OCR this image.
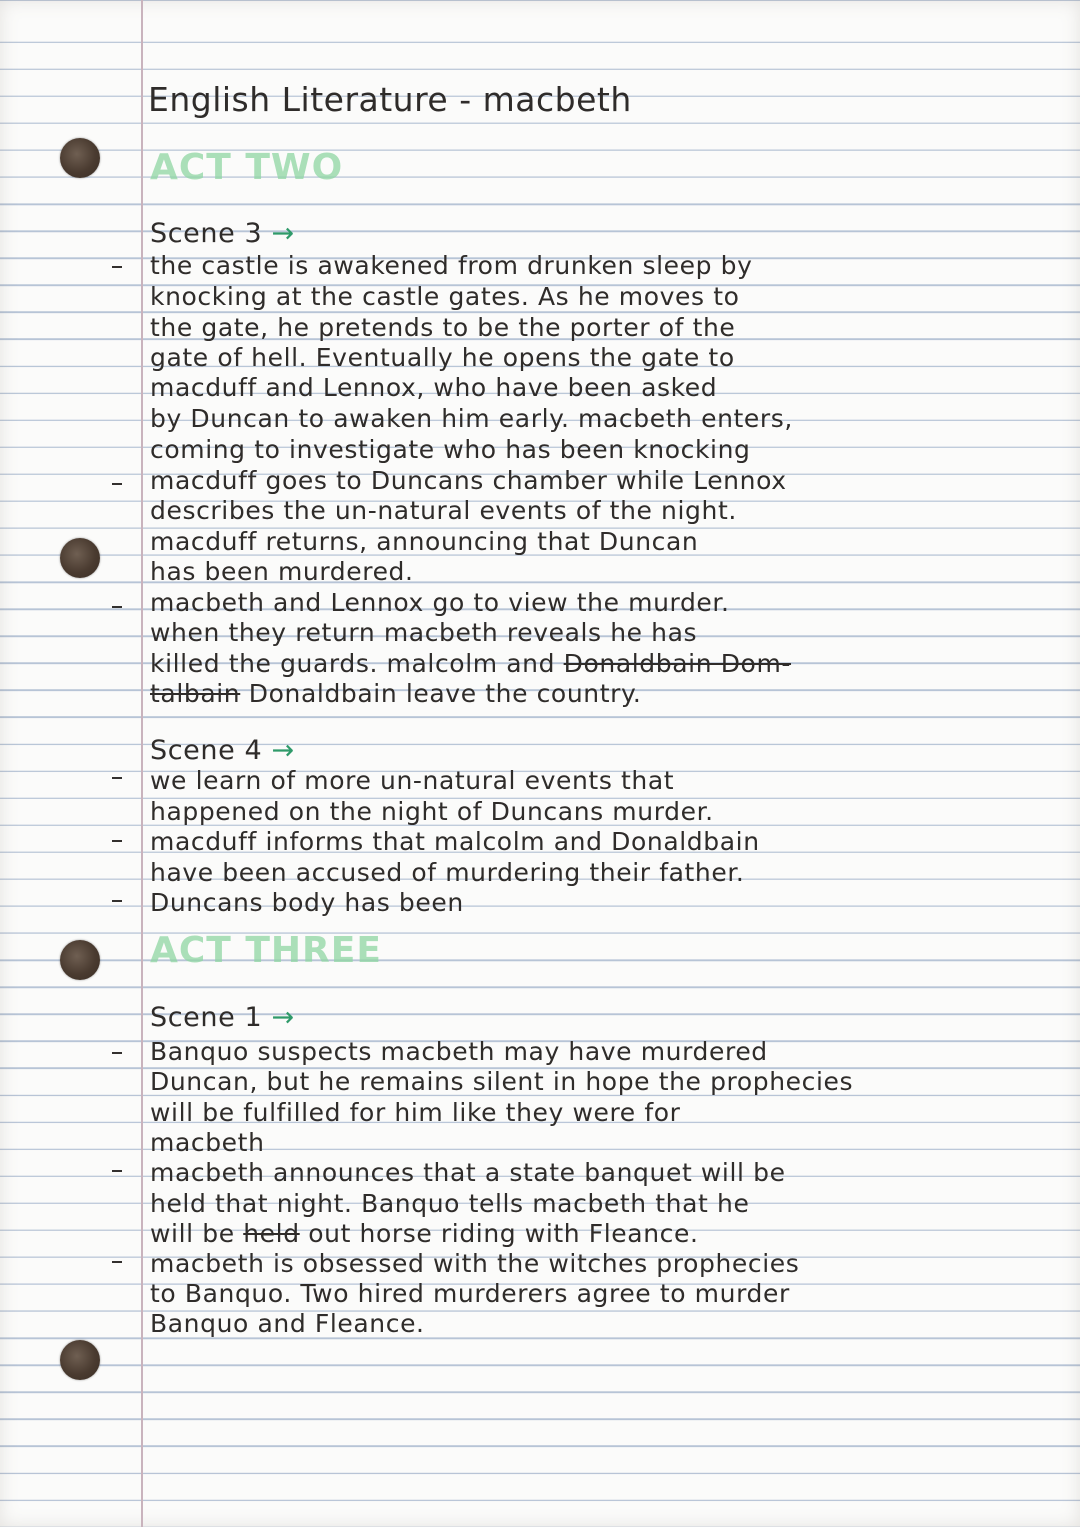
English Literature - macbeth

ACT TWO

Scene 3 →

the castle is awakened from drunken sleep by

knocking at the castle gates. As he moves to

the gate, he pretends to be the porter of the

gate of hell. Eventually he opens the gate to

macduff and Lennox, who have been asked

by Duncan to awaken him early. macbeth enters,

coming to investigate who has been knocking

macduff goes to Duncans chamber while Lennox

describes the un-natural events of the night.

macduff returns, announcing that Duncan

has been murdered.

macbeth and Lennox go to view the murder.

when they return macbeth reveals he has

killed the guards. malcolm and Donaldbain Dom-

talbain Donaldbain leave the country.

Scene 4 →

we learn of more un-natural events that

happened on the night of Duncans murder.

macduff informs that malcolm and Donaldbain

have been accused of murdering their father.

Duncans body has been

ACT THREE

Scene 1 →

Banquo suspects macbeth may have murdered

Duncan, but he remains silent in hope the prophecies

will be fulfilled for him like they were for

macbeth

macbeth announces that a state banquet will be

held that night. Banquo tells macbeth that he

will be held out horse riding with Fleance.

macbeth is obsessed with the witches prophecies

to Banquo. Two hired murderers agree to murder

Banquo and Fleance.
